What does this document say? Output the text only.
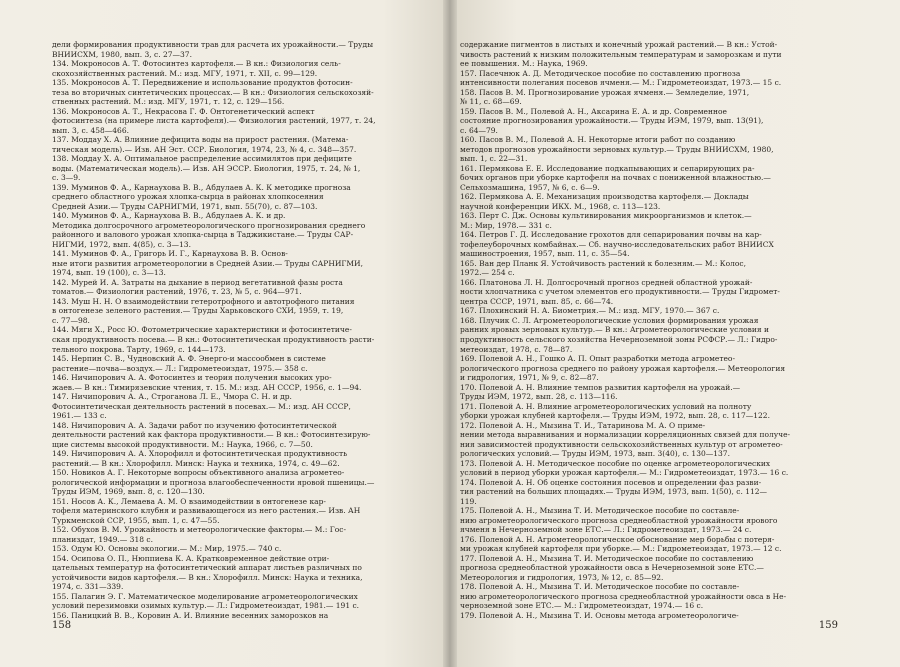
дели формирования продуктивности трав для расчета их урожайности.— Труды

ВНИИСХМ, 1980, вып. 3, с. 27—37.

134. Мокроносов А. Т. Фотосинтез картофеля.— В кн.: Физиология сель-

скохозяйственных растений. М.: изд. МГУ, 1971, т. XII, с. 99—129.

135. Мокроносов А. Т. Передвижение и использование продуктов фотосин-

теза во вторичных синтетических процессах.— В кн.: Физиология сельскохозяй-

ственных растений. М.: изд. МГУ, 1971, т. 12, с. 129—156.

136. Мокроносов А. Т., Некрасова Г. Ф. Онтогенетический аспект

фотосинтеза (на примере листа картофеля).— Физиология растений, 1977, т. 24,

вып. 3, с. 458—466.

137. Моддау Х. А. Влияние дефицита воды на прирост растения. (Матема-

тическая модель).— Изв. АН Эст. ССР. Биология, 1974, 23, № 4, с. 348—357.

138. Моддау Х. А. Оптимальное распределение ассимилятов при дефиците

воды. (Математическая модель).— Изв. АН ЭССР. Биология, 1975, т. 24, № 1,

с. 3—9.

139. Муминов Ф. А., Карнаухова В. В., Абдулаев А. К. К методике прогноза

среднего областного урожая хлопка-сырца в районах хлопкосеяния

Средней Азии.— Труды САРНИГМИ, 1971, вып. 55(70), с. 87—103.

140. Муминов Ф. А., Карнаухова В. В., Абдулаев А. К. и др.

Методика долгосрочного агрометеорологического прогнозирования среднего

районного и валового урожая хлопка-сырца в Таджикистане.— Труды САР-

НИГМИ, 1972, вып. 4(85), с. 3—13.

141. Муминов Ф. А., Григорь И. Г., Карнаухова В. В. Основ-

ные итоги развития агрометеорологии в Средней Азии.— Труды САРНИГМИ,

1974, вып. 19 (100), с. 3—13.

142. Мурей И. А. Затраты на дыхание в период вегетативной фазы роста

томатов.— Физиология растений, 1976, т. 23, № 5, с. 964—971.

143. Муш Н. Н. О взаимодействии гетеротрофного и автотрофного питания

в онтогенезе зеленого растения.— Труды Харьковского СХИ, 1959, т. 19,

с. 77—98.

144. Мяги Х., Росс Ю. Фотометрические характеристики и фотосинтетиче-

ская продуктивность посева.— В кн.: Фотосинтетическая продуктивность расти-

тельного покрова. Тарту, 1969, с. 144—173.

145. Нерпин С. В., Чудновский А. Ф. Энерго-и массообмен в системе

растение—почва—воздух.— Л.: Гидрометеоиздат, 1975.— 358 с.

146. Ничипорович А. А. Фотосинтез и теория получения высоких уро-

жаев.— В кн.: Тимирязевские чтения, т. 15. М.: изд. АН СССР, 1956, с. 1—94.

147. Ничипорович А. А., Строганова Л. Е., Чмора С. Н. и др.

Фотосинтетическая деятельность растений в посевах.— М.: изд. АН СССР,

1961.— 133 с.

148. Ничипорович А. А. Задачи работ по изучению фотосинтетической

деятельности растений как фактора продуктивности.— В кн.: Фотосинтезирую-

щие системы высокой продуктивности. М.: Наука, 1966, с. 7—50.

149. Ничипорович А. А. Хлорофилл и фотосинтетическая продуктивность

растений.— В кн.: Хлорофилл. Минск: Наука и техника, 1974, с. 49—62.

150. Новиков А. Г. Некоторые вопросы объективного анализа агрометео-

рологической информации и прогноза влагообеспеченности яровой пшеницы.—

Труды ИЭМ, 1969, вып. 8, с. 120—130.

151. Носов А. К., Лемаева А. М. О взаимодействии в онтогенезе кар-

тофеля материнского клубня и развивающегося из него растения.— Изв. АН

Туркменской ССР, 1955, вып. 1, с. 47—55.

152. Обухов В. М. Урожайность и метеорологические факторы.— М.: Гос-

планиздат, 1949.— 318 с.

153. Одум Ю. Основы экологии.— М.: Мир, 1975.— 740 с.

154. Осипова О. П., Нюппиева К. А. Кратковременное действие отри-

цательных температур на фотосинтетический аппарат листьев различных по

устойчивости видов картофеля.— В кн.: Хлорофилл. Минск: Наука и техника,

1974, с. 331—339.

155. Палагин Э. Г. Математическое моделирование агрометеорологических

условий перезимовки озимых культур.— Л.: Гидрометеоиздат, 1981.— 191 с.

156. Паницкий В. В., Коровин А. И. Влияние весенних заморозков на

158

содержание пигментов в листьях и конечный урожай растений.— В кн.: Устой-

чивость растений к низким положительным температурам и заморозкам и пути

ее повышения. М.: Наука, 1969.

157. Пасечнюк А. Д. Методическое пособие по составлению прогноза

интенсивности полегания посевов ячменя.— М.: Гидрометеоиздат, 1973.— 15 с.

158. Пасов В. М. Прогнозирование урожая ячменя.— Земледелие, 1971,

№ 11, с. 68—69.

159. Пасов В. М., Полевой А. Н., Аксарина Е. А. и др. Современное

состояние прогнозирования урожайности.— Труды ИЭМ, 1979, вып. 13(91),

с. 64—79.

160. Пасов В. М., Полевой А. Н. Некоторые итоги работ по созданию

методов прогнозов урожайности зерновых культур.— Труды ВНИИСХМ, 1980,

вып. 1, с. 22—31.

161. Пермякова Е. Е. Исследование подкапывающих и сепарирующих ра-

бочих органов при уборке картофеля на почвах с пониженной влажностью.—

Сельхозмашина, 1957, № 6, с. 6—9.

162. Пермякова А. Е. Механизация производства картофеля.— Доклады

научной конференции ИКХ. М., 1968, с. 113—123.

163. Перт С. Дж. Основы культивирования микроорганизмов и клеток.—

М.: Мир, 1978.— 331 с.

164. Петров Г. Д. Исследование грохотов для сепарирования почвы на кар-

тофелеуборочных комбайнах.— Сб. научно-исследовательских работ ВНИИСХ

машиностроения, 1957, вып. 11, с. 35—54.

165. Ван дер Планк Я. Устойчивость растений к болезням.— М.: Колос,

1972.— 254 с.

166. Платонова Л. Н. Долгосрочный прогноз средней областной урожай-

ности хлопчатника с учетом элементов его продуктивности.— Труды Гидромет-

центра СССР, 1971, вып. 85, с. 66—74.

167. Плохинский Н. А. Биометрия.— М.: изд. МГУ, 1970.— 367 с.

168. Плучик С. Л. Агрометеорологические условия формирования урожая

ранних яровых зерновых культур.— В кн.: Агрометеорологические условия и

продуктивность сельского хозяйства Нечерноземной зоны РСФСР.— Л.: Гидро-

метеоиздат, 1978, с. 78—87.

169. Полевой А. Н., Гошко А. П. Опыт разработки метода агрометео-

рологического прогноза среднего по району урожая картофеля.— Метеорология

и гидрология, 1971, № 9, с. 82—87.

170. Полевой А. Н. Влияние темпов развития картофеля на урожай.—

Труды ИЭМ, 1972, вып. 28, с. 113—116.

171. Полевой А. Н. Влияние агрометеорологических условий на полноту

уборки урожая клубней картофеля.— Труды ИЭМ, 1972, вып. 28, с. 117—122.

172. Полевой А. Н., Мызина Т. И., Татаринова М. А. О приме-

нении метода выравнивания и нормализации корреляционных связей для получе-

ния зависимостей продуктивности сельскохозяйственных культур от агрометео-

рологических условий.— Труды ИЭМ, 1973, вып. 3(40), с. 130—137.

173. Полевой А. Н. Методическое пособие по оценке агрометеорологических

условий в период уборки урожая картофеля.— М.: Гидрометеоиздат, 1973.— 16 с.

174. Полевой А. Н. Об оценке состояния посевов и определении фаз разви-

тия растений на больших площадях.— Труды ИЭМ, 1973, вып. 1(50), с. 112—

119.

175. Полевой А. Н., Мызина Т. И. Методическое пособие по составле-

нию агрометеорологического прогноза среднеобластной урожайности ярового

ячменя в Нечерноземной зоне ЕТС.— Л.: Гидрометеоиздат, 1973.— 24 с.

176. Полевой А. Н. Агрометеорологическое обоснование мер борьбы с потеря-

ми урожая клубней картофеля при уборке.— М.: Гидрометеоиздат, 1973.— 12 с.

177. Полевой А. Н., Мызина Т. И. Методическое пособие по составлению

прогноза среднеобластной урожайности овса в Нечерноземной зоне ЕТС.—

Метеорология и гидрология, 1973, № 12, с. 85—92.

178. Полевой А. Н., Мызина Т. И. Методическое пособие по составле-

нию агрометеорологического прогноза среднеобластной урожайности овса в Не-

черноземной зоне ЕТС.— М.: Гидрометеоиздат, 1974.— 16 с.

179. Полевой А. Н., Мызина Т. И. Основы метода агрометеорологиче-

159
